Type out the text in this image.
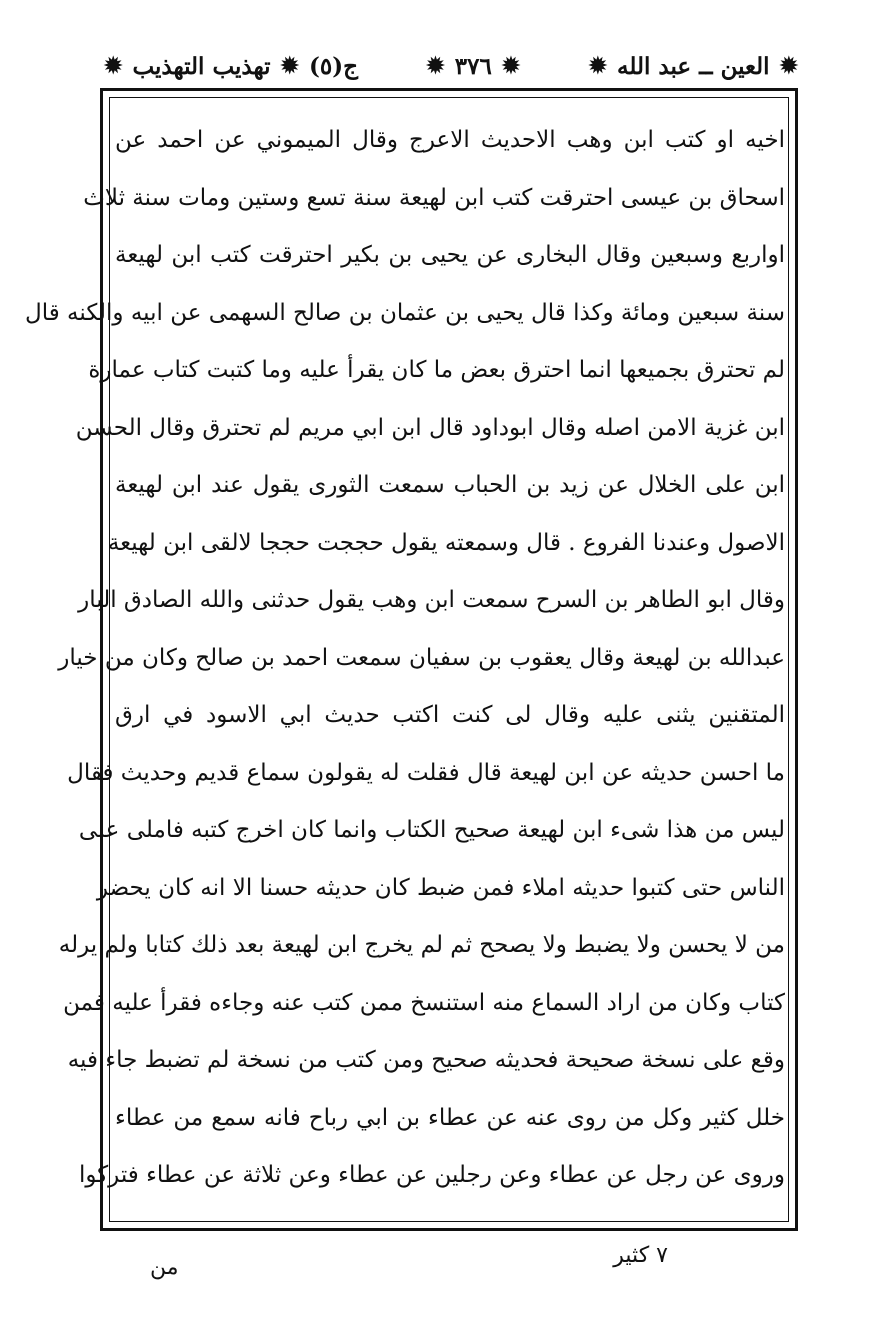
ج(٥)
✹
تهذيب التهذيب
✹	✹
٣٧٦
✹	✹
العين ــ عبد الله
✹
اخيه او كتب ابن وهب الاحديث الاعرج وقال الميموني عن احمد عن
اسحاق بن عيسى احترقت كتب ابن لهيعة سنة تسع وستين ومات سنة ثلاث
اواربع وسبعين وقال البخارى عن يحيى بن بكير احترقت كتب ابن لهيعة
سنة سبعين ومائة وكذا قال يحيى بن عثمان بن صالح السهمى عن ابيه والكنه قال
لم تحترق بجميعها انما احترق بعض ما كان يقرأ عليه وما كتبت كتاب عمارة
ابن غزية الامن اصله وقال ابوداود قال ابن ابي مريم لم تحترق وقال الحسن
ابن على الخلال عن زيد بن الحباب سمعت الثورى يقول عند ابن لهيعة
الاصول وعندنا الفروع . قال وسمعته يقول حججت حججا لالقى ابن لهيعة
وقال ابو الطاهر بن السرح سمعت ابن وهب يقول حدثنى والله الصادق البار
عبدالله بن لهيعة وقال يعقوب بن سفيان سمعت احمد بن صالح وكان من خيار
المتقنين يثنى عليه وقال لى كنت اكتب حديث ابي الاسود في ارق
ما احسن حديثه عن ابن لهيعة قال فقلت له يقولون سماع قديم وحديث فقال
ليس من هذا شىء ابن لهيعة صحيح الكتاب وانما كان اخرج كتبه فاملى على
الناس حتى كتبوا حديثه املاء فمن ضبط كان حديثه حسنا الا انه كان يحضر
من لا يحسن ولا يضبط ولا يصحح ثم لم يخرج ابن لهيعة بعد ذلك كتابا ولم يرله
كتاب وكان من اراد السماع منه استنسخ ممن كتب عنه وجاءه فقرأ عليه فمن
وقع على نسخة صحيحة فحديثه صحيح ومن كتب من نسخة لم تضبط جاء فيه
خلل كثير وكل من روى عنه عن عطاء بن ابي رباح فانه سمع من عطاء
وروى عن رجل عن عطاء وعن رجلين عن عطاء وعن ثلاثة عن عطاء فتركوا
٧ كثير
من
